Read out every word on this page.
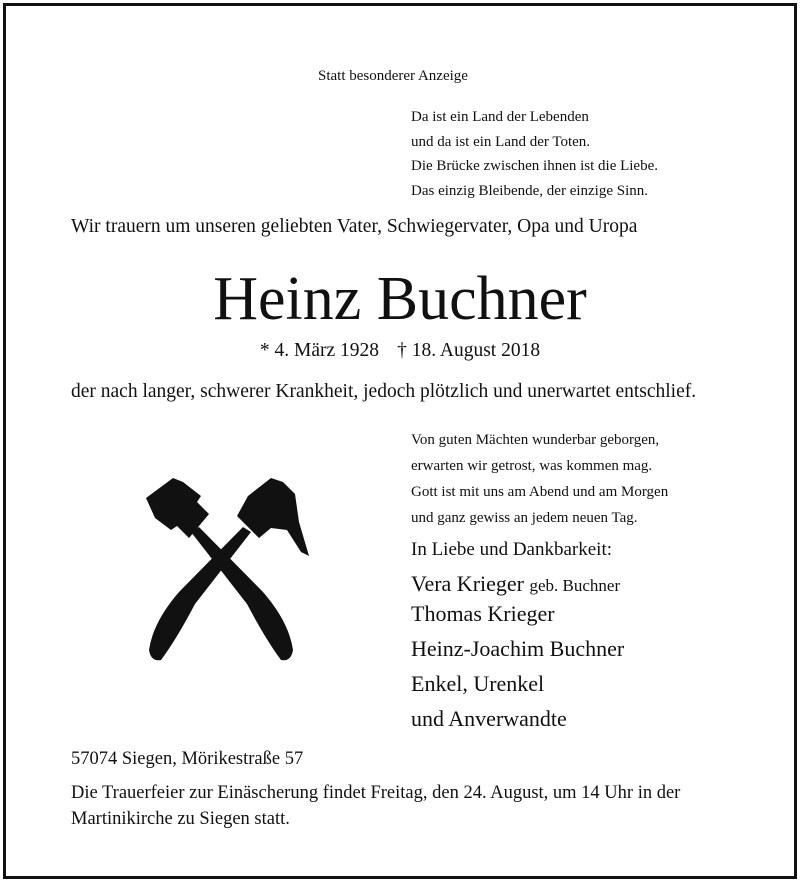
Statt besonderer Anzeige
Da ist ein Land der Lebenden
und da ist ein Land der Toten.
Die Brücke zwischen ihnen ist die Liebe.
Das einzig Bleibende, der einzige Sinn.
Wir trauern um unseren geliebten Vater, Schwiegervater, Opa und Uropa
Heinz Buchner
* 4. März 1928 † 18. August 2018
der nach langer, schwerer Krankheit, jedoch plötzlich und unerwartet entschlief.
Von guten Mächten wunderbar geborgen,
erwarten wir getrost, was kommen mag.
Gott ist mit uns am Abend und am Morgen
und ganz gewiss an jedem neuen Tag.
In Liebe und Dankbarkeit:
Vera Krieger geb. Buchner
Thomas Krieger
Heinz-Joachim Buchner
Enkel, Urenkel
und Anverwandte
57074 Siegen, Mörikestraße 57
Die Trauerfeier zur Einäscherung findet Freitag, den 24. August, um 14 Uhr in der Martinikirche zu Siegen statt.
